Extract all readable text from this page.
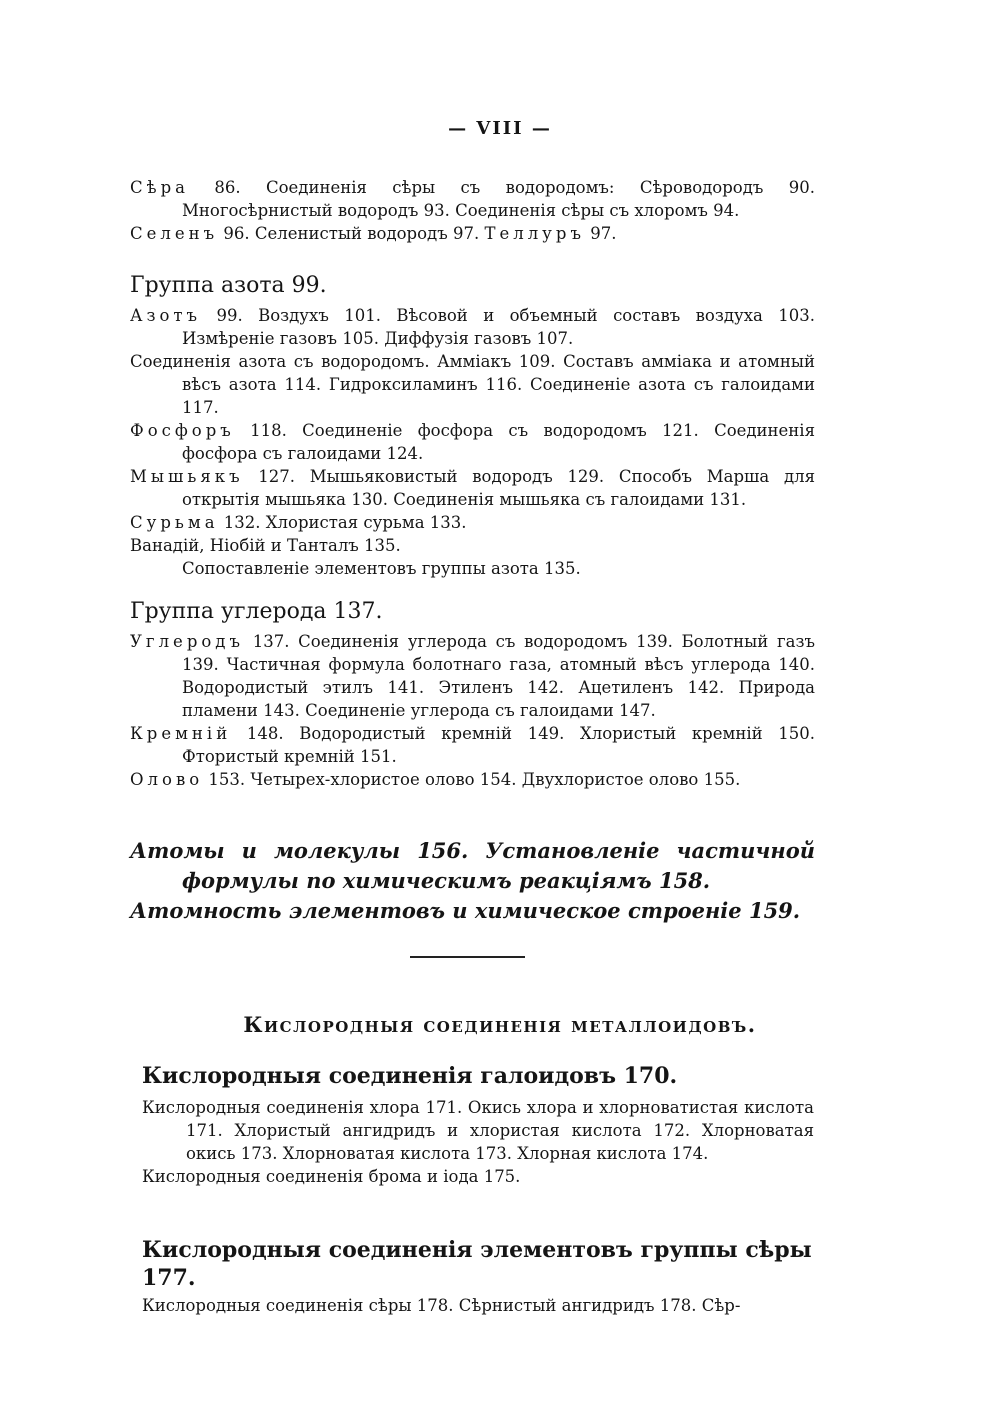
— VIII —

Сѣра 86. Соединенія сѣры съ водородомъ: Сѣроводородъ 90. Многосѣрнистый водородъ 93. Соединенія сѣры съ хлоромъ 94.

Селенъ 96. Селенистый водородъ 97. Теллуръ 97.

Группа азота 99.

Азотъ 99. Воздухъ 101. Вѣсовой и объемный составъ воздуха 103. Измѣреніе газовъ 105. Диффузія газовъ 107.

Соединенія азота съ водородомъ. Аммiакъ 109. Составъ аммiака и атомный вѣсъ азота 114. Гидроксиламинъ 116. Соединеніе азота съ галоидами 117.

Фосфоръ 118. Соединеніе фосфора съ водородомъ 121. Соединенія фосфора съ галоидами 124.

Мышьякъ 127. Мышьяковистый водородъ 129. Способъ Марша для открытія мышьяка 130. Соединенія мышьяка съ галоидами 131.

Сурьма 132. Хлористая сурьма 133.

Ванадій, Ніобій и Танталъ 135.

Сопоставленіе элементовъ группы азота 135.
Группа углерода 137.

Углеродъ 137. Соединенія углерода съ водородомъ 139. Болотный газъ 139. Частичная формула болотнаго газа, атомный вѣсъ углерода 140. Водородистый этилъ 141. Этиленъ 142. Ацетиленъ 142. Природа пламени 143. Соединеніе углерода съ галоидами 147.

Кремній 148. Водородистый кремній 149. Хлористый кремній 150. Фтористый кремній 151.

Олово 153. Четырех-хлористое олово 154. Двухлористое олово 155.

Атомы и молекулы 156. Установленіе частичной формулы по химическимъ реакціямъ 158.

Атомность элементовъ и химическое строеніе 159.

Кислородныя соединенія металлоидовъ.
Кислородныя соединенія галоидовъ 170.

Кислородныя соединенія хлора 171. Окись хлора и хлорноватистая кислота 171. Хлористый ангидридъ и хлористая кислота 172. Хлорноватая окись 173. Хлорноватая кислота 173. Хлорная кислота 174.

Кислородныя соединенія брома и іода 175.

Кислородныя соединенія элементовъ группы сѣры 177.

Кислородныя соединенія сѣры 178. Сѣрнистый ангидридъ 178. Сѣр-
